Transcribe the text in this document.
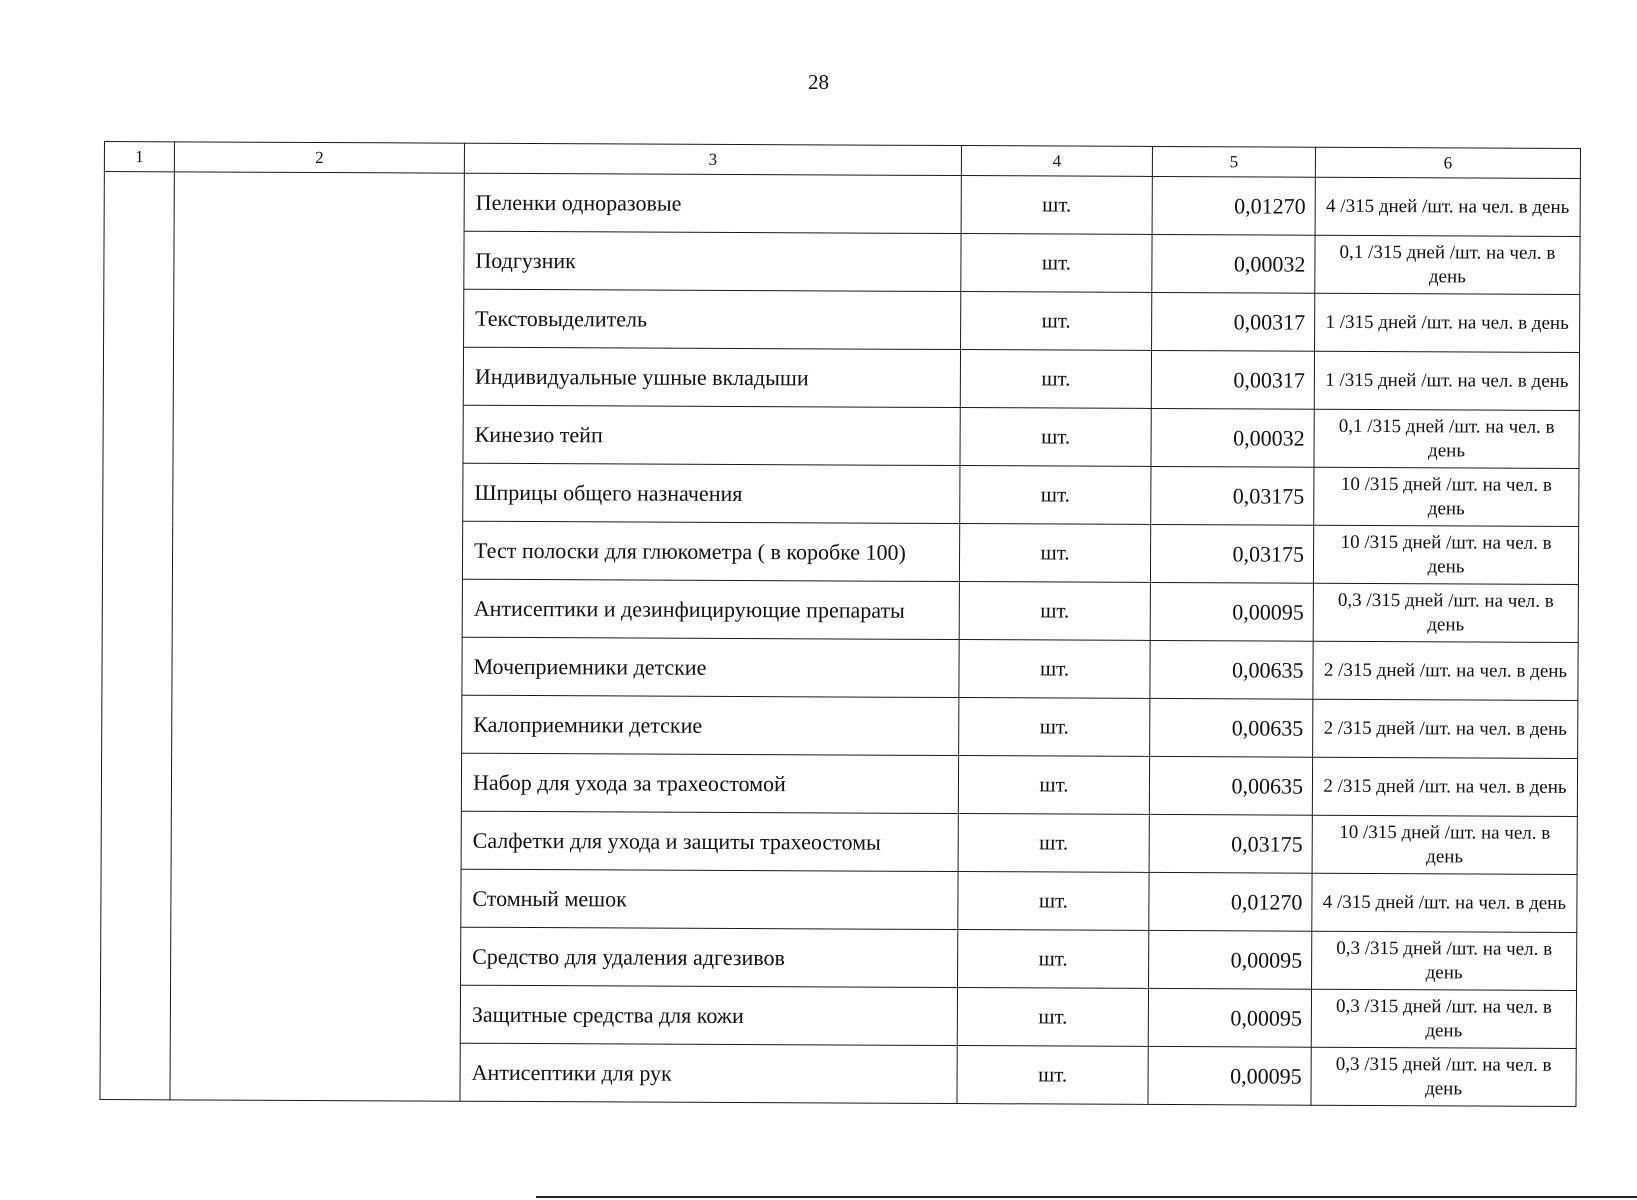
28
1	2	3	4	5	6
		Пеленки одноразовые	шт.	0,01270	4 /315 дней /шт. на чел. в день
		Подгузник	шт.	0,00032	0,1 /315 дней /шт. на чел. в день
		Текстовыделитель	шт.	0,00317	1 /315 дней /шт. на чел. в день
		Индивидуальные ушные вкладыши	шт.	0,00317	1 /315 дней /шт. на чел. в день
		Кинезио тейп	шт.	0,00032	0,1 /315 дней /шт. на чел. в день
		Шприцы общего назначения	шт.	0,03175	10 /315 дней /шт. на чел. в день
		Тест полоски для глюкометра ( в коробке 100)	шт.	0,03175	10 /315 дней /шт. на чел. в день
		Антисептики и дезинфицирующие препараты	шт.	0,00095	0,3 /315 дней /шт. на чел. в день
		Мочеприемники детские	шт.	0,00635	2 /315 дней /шт. на чел. в день
		Калоприемники детские	шт.	0,00635	2 /315 дней /шт. на чел. в день
		Набор для ухода за трахеостомой	шт.	0,00635	2 /315 дней /шт. на чел. в день
		Салфетки для ухода и защиты трахеостомы	шт.	0,03175	10 /315 дней /шт. на чел. в день
		Стомный мешок	шт.	0,01270	4 /315 дней /шт. на чел. в день
		Средство для удаления адгезивов	шт.	0,00095	0,3 /315 дней /шт. на чел. в день
		Защитные средства для кожи	шт.	0,00095	0,3 /315 дней /шт. на чел. в день
		Антисептики для рук	шт.	0,00095	0,3 /315 дней /шт. на чел. в день
